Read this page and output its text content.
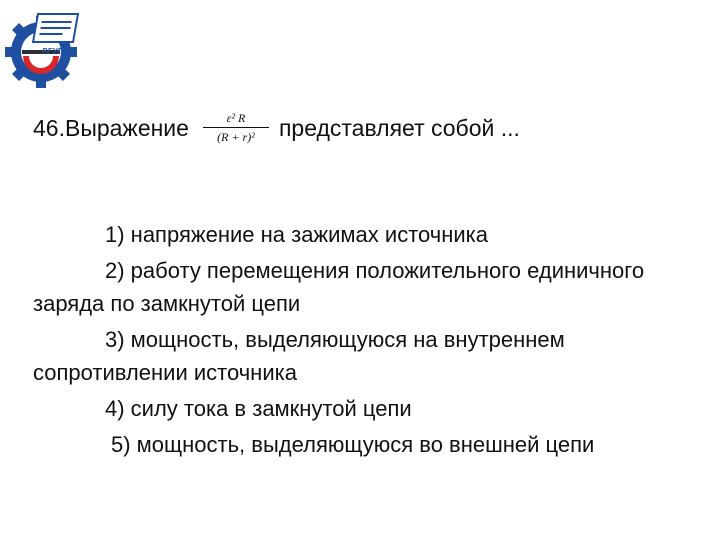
РГУПС
46.Выражение $\frac{\text{ε² R}}{\text{(R + r)²}}$ представляет собой ...

1) напряжение на зажимах источника

2) работу перемещения положительного единичного заряда по замкнутой цепи

3) мощность, выделяющуюся на внутреннем сопротивлении источника

4) силу тока в замкнутой цепи

5) мощность, выделяющуюся во внешней цепи
